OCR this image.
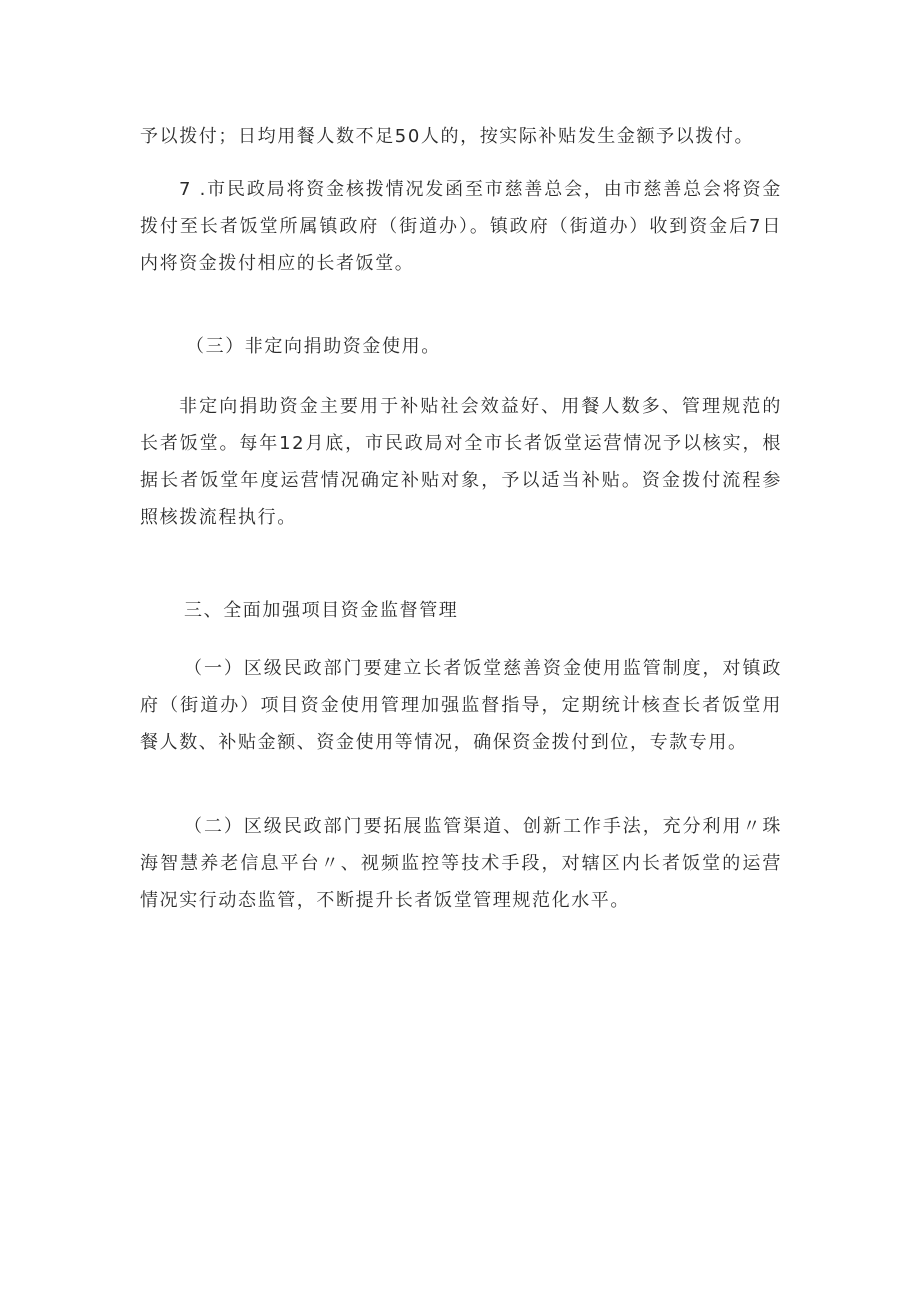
予以拨付；日均用餐人数不足50人的，按实际补贴发生金额予以拨付。

7 .市民政局将资金核拨情况发函至市慈善总会，由市慈善总会将资金拨付至长者饭堂所属镇政府（街道办）。镇政府（街道办）收到资金后7日内将资金拨付相应的长者饭堂。

（三）非定向捐助资金使用。

非定向捐助资金主要用于补贴社会效益好、用餐人数多、管理规范的长者饭堂。每年12月底，市民政局对全市长者饭堂运营情况予以核实，根据长者饭堂年度运营情况确定补贴对象，予以适当补贴。资金拨付流程参照核拨流程执行。

三、全面加强项目资金监督管理

（一）区级民政部门要建立长者饭堂慈善资金使用监管制度，对镇政府（街道办）项目资金使用管理加强监督指导，定期统计核查长者饭堂用餐人数、补贴金额、资金使用等情况，确保资金拨付到位，专款专用。

（二）区级民政部门要拓展监管渠道、创新工作手法，充分利用〃珠海智慧养老信息平台〃、视频监控等技术手段，对辖区内长者饭堂的运营情况实行动态监管，不断提升长者饭堂管理规范化水平。
